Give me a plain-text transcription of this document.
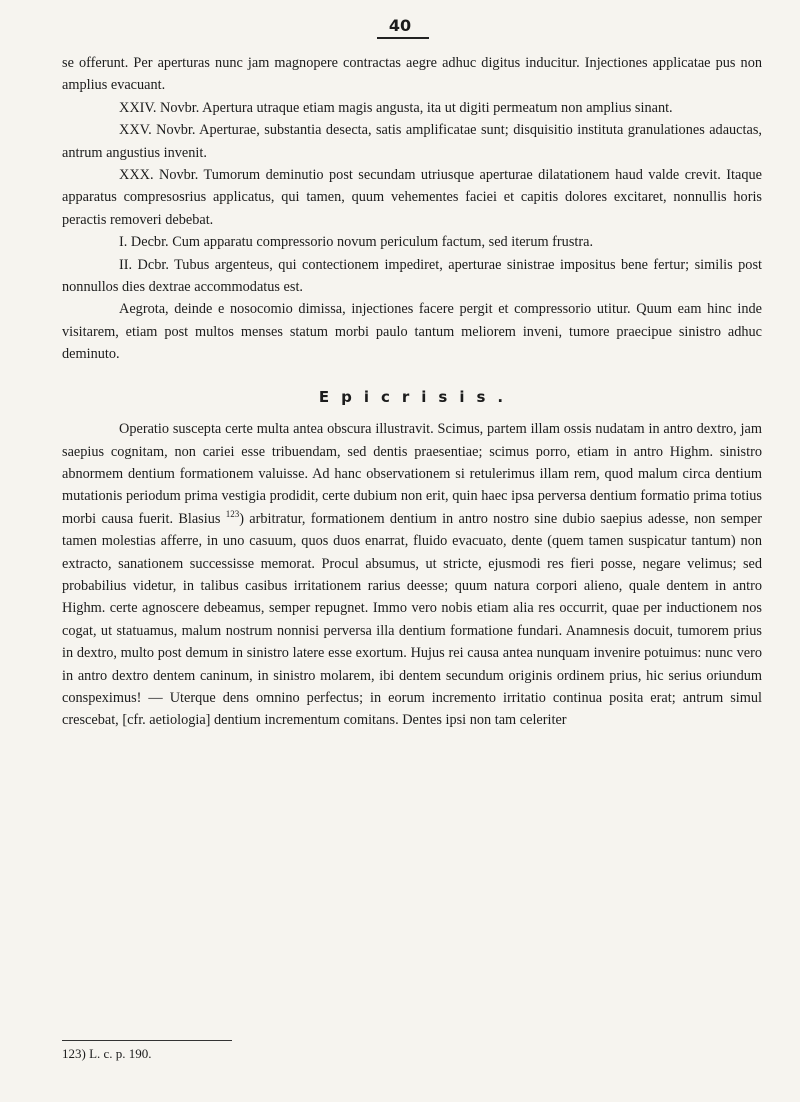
40

se offerunt. Per aperturas nunc jam magnopere contractas aegre adhuc digitus inducitur. Injectiones applicatae pus non amplius evacuant.

XXIV. Novbr. Apertura utraque etiam magis angusta, ita ut digiti permeatum non amplius sinant.

XXV. Novbr. Aperturae, substantia desecta, satis amplificatae sunt; disquisitio instituta granulationes adauctas, antrum angustius invenit.

XXX. Novbr. Tumorum deminutio post secundam utriusque aperturae dilatationem haud valde crevit. Itaque apparatus compresosrius applicatus, qui tamen, quum vehementes faciei et capitis dolores excitaret, nonnullis horis peractis removeri debebat.

I. Decbr. Cum apparatu compressorio novum periculum factum, sed iterum frustra.

II. Dcbr. Tubus argenteus, qui contectionem impediret, aperturae sinistrae impositus bene fertur; similis post nonnullos dies dextrae accommodatus est.

Aegrota, deinde e nosocomio dimissa, injectiones facere pergit et compressorio utitur. Quum eam hinc inde visitarem, etiam post multos menses statum morbi paulo tantum meliorem inveni, tumore praecipue sinistro adhuc deminuto.

Epicrisis.

Operatio suscepta certe multa antea obscura illustravit. Scimus, partem illam ossis nudatam in antro dextro, jam saepius cognitam, non cariei esse tribuendam, sed dentis praesentiae; scimus porro, etiam in antro Highm. sinistro abnormem dentium formationem valuisse. Ad hanc observationem si retulerimus illam rem, quod malum circa dentium mutationis periodum prima vestigia prodidit, certe dubium non erit, quin haec ipsa perversa dentium formatio prima totius morbi causa fuerit. Blasius $^{123}$) arbitratur, formationem dentium in antro nostro sine dubio saepius adesse, non semper tamen molestias afferre, in uno casuum, quos duos enarrat, fluido evacuato, dente (quem tamen suspicatur tantum) non extracto, sanationem successisse memorat. Procul absumus, ut stricte, ejusmodi res fieri posse, negare velimus; sed probabilius videtur, in talibus casibus irritationem rarius deesse; quum natura corpori alieno, quale dentem in antro Highm. certe agnoscere debeamus, semper repugnet. Immo vero nobis etiam alia res occurrit, quae per inductionem nos cogat, ut statuamus, malum nostrum nonnisi perversa illa dentium formatione fundari. Anamnesis docuit, tumorem prius in dextro, multo post demum in sinistro latere esse exortum. Hujus rei causa antea nunquam invenire potuimus: nunc vero in antro dextro dentem caninum, in sinistro molarem, ibi dentem secundum originis ordinem prius, hic serius oriundum conspeximus! — Uterque dens omnino perfectus; in eorum incremento irritatio continua posita erat; antrum simul crescebat, [cfr. aetiologia] dentium incrementum comitans. Dentes ipsi non tam celeriter

123) L. c. p. 190.
